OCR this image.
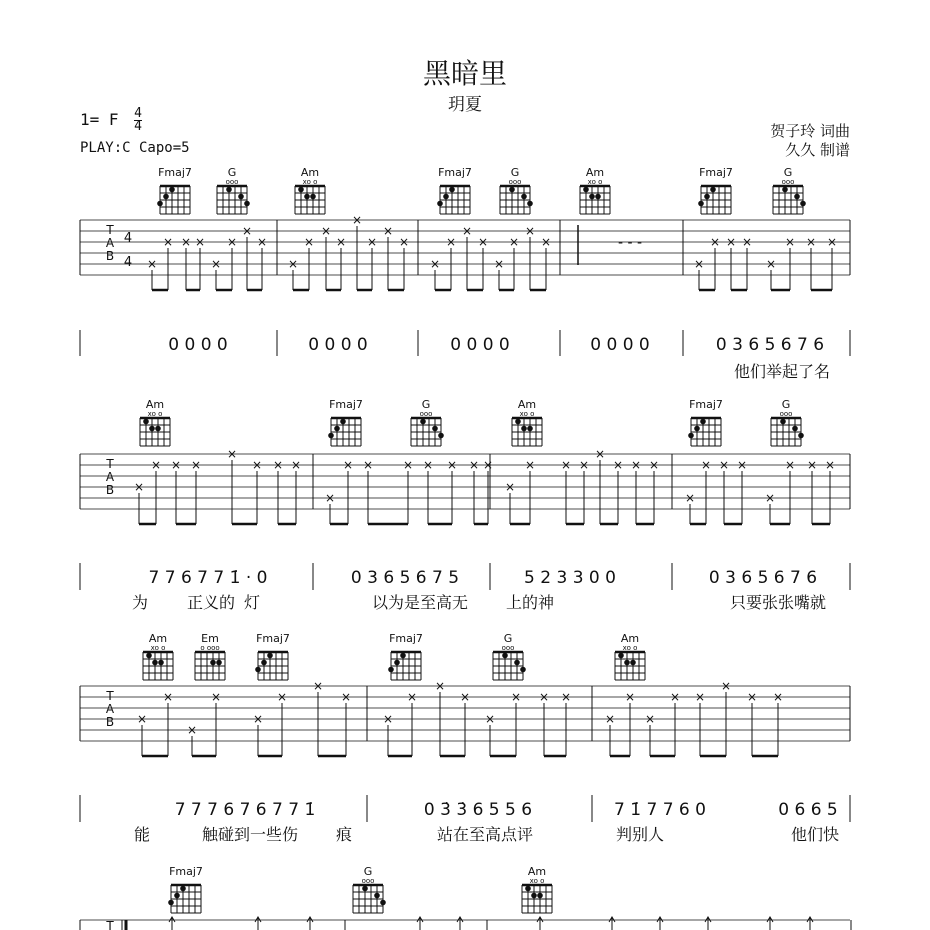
黑暗里
玥夏
1= F $\frac{4}{4}$
PLAY:C Capo=5
贺子玲 词曲
久久 制谱
Fmaj7	G
ooo
Am
xo o
Fmaj7	G
ooo
Am
xo o
Fmaj7	G
ooo
T
A
B
4
4 ×
× × ×
×
×
×
×
×
×
×
×
×
×
×
×
×
×
×
×
×
×
×
×
×
× × ×
×
× × ×
- - -
0 0 0 0	0 0 0 0	0 0 0 0	0 0 0 0	0 3 6 5 6 7 6
他们举起了名
Am
xo o
Fmaj7	G
ooo
Am
xo o
Fmaj7	G
ooo
T
A
B ×
× × ×
×
× × ×
×
× × × × × × ×
×
× × ×
×
× × ×
×
× × ×
×
× × ×
7 7 6 7 7 1̇ · 0	0 3 6 5 6 7 5	5 2 3 3 0 0	0 3 6 5 6 7 6
为 正义的 灯	以为是至高无 上的神	只要张张嘴就
Am
xo o
Em
o ooo
Fmaj7	Fmaj7	G
ooo
Am
xo o
T
A
B ×
×
×
×
×
×
×
×
×
×
×
×
×
× × ×
×
×
×
× ×
×
× ×
7 7 7 6 7 6 7 7 1̇	0 3̇ 3̇ 6 5 5 6	7 1̇ 7 7 6 0	0 6 6 5
能	触碰到一些伤 痕	站在至高点评	判别人	他们快
Fmaj7	G
ooo
Am
xo o
T
